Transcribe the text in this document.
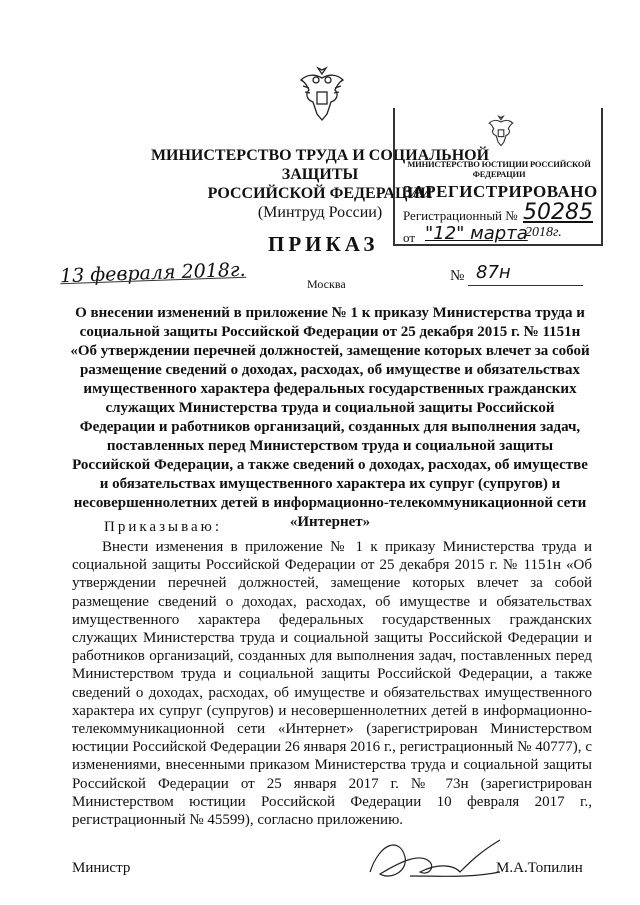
МИНИСТЕРСТВО ТРУДА И СОЦИАЛЬНОЙ ЗАЩИТЫ
РОССИЙСКОЙ ФЕДЕРАЦИИ
(Минтруд России)
МИНИСТЕРСТВО ЮСТИЦИИ РОССИЙСКОЙ ФЕДЕРАЦИИ
ЗАРЕГИСТРИРОВАНО
Регистрационный № 50285
от "12" марта
2018г.
ПРИКАЗ
13 февраля 2018г.	Москва	№ 87н
О внесении изменений в приложение № 1 к приказу Министерства труда и социальной защиты Российской Федерации от 25 декабря 2015 г. № 1151н «Об утверждении перечней должностей, замещение которых влечет за собой размещение сведений о доходах, расходах, об имуществе и обязательствах имущественного характера федеральных государственных гражданских служащих Министерства труда и социальной защиты Российской Федерации и работников организаций, созданных для выполнения задач, поставленных перед Министерством труда и социальной защиты Российской Федерации, а также сведений о доходах, расходах, об имуществе и обязательствах имущественного характера их супруг (супругов) и несовершеннолетних детей в информационно-телекоммуникационной сети «Интернет»
Приказываю:
Внести изменения в приложение № 1 к приказу Министерства труда и социальной защиты Российской Федерации от 25 декабря 2015 г. № 1151н «Об утверждении перечней должностей, замещение которых влечет за собой размещение сведений о доходах, расходах, об имуществе и обязательствах имущественного характера федеральных государственных гражданских служащих Министерства труда и социальной защиты Российской Федерации и работников организаций, созданных для выполнения задач, поставленных перед Министерством труда и социальной защиты Российской Федерации, а также сведений о доходах, расходах, об имуществе и обязательствах имущественного характера их супруг (супругов) и несовершеннолетних детей в информационно-телекоммуникационной сети «Интернет» (зарегистрирован Министерством юстиции Российской Федерации 26 января 2016 г., регистрационный № 40777), с изменениями, внесенными приказом Министерства труда и социальной защиты Российской Федерации от 25 января 2017 г. № 73н (зарегистрирован Министерством юстиции Российской Федерации 10 февраля 2017 г., регистрационный № 45599), согласно приложению.
Министр	М.А.Топилин
